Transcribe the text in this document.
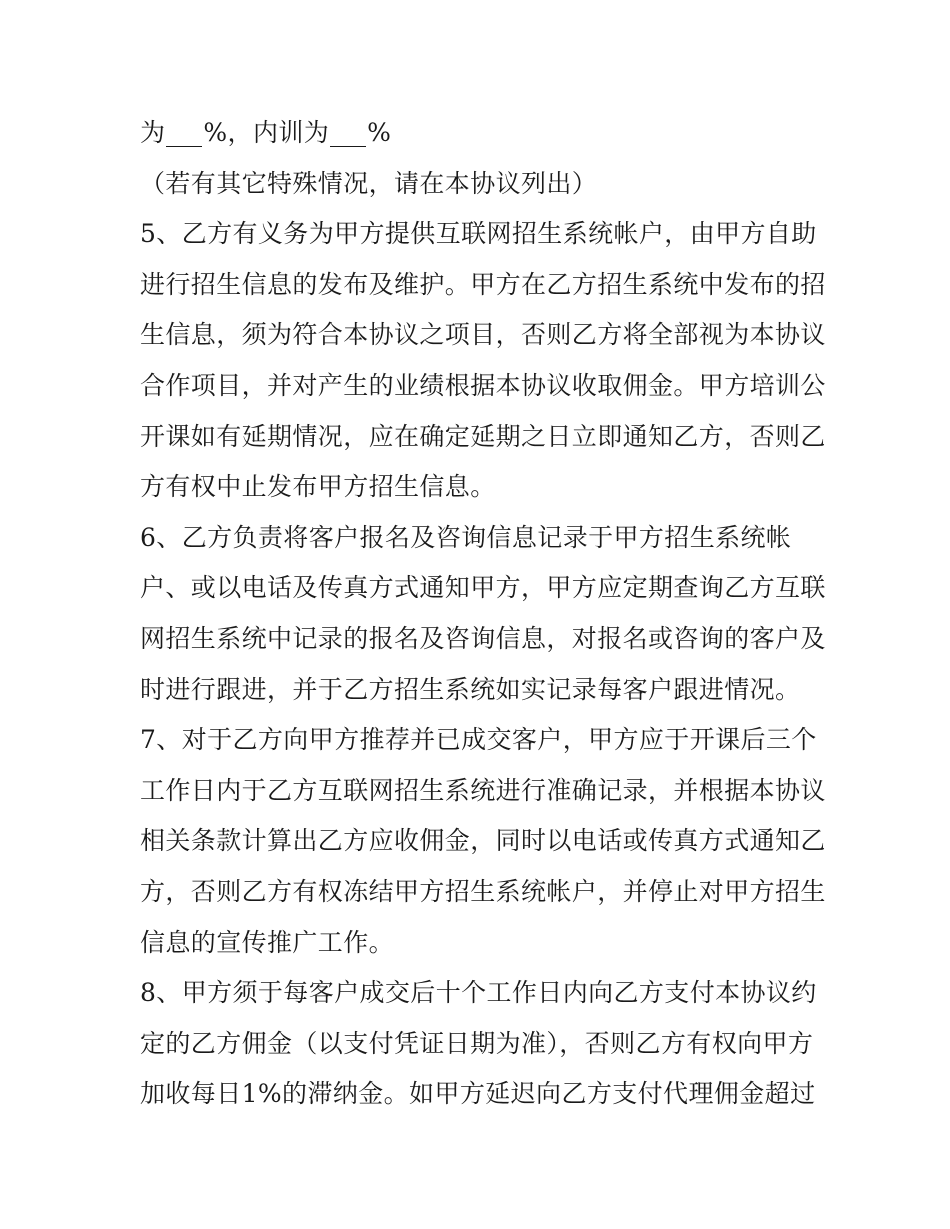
为 %，内训为 %
（若有其它特殊情况，请在本协议列出）
5、乙方有义务为甲方提供互联网招生系统帐户，由甲方自助
进行招生信息的发布及维护。甲方在乙方招生系统中发布的招
生信息，须为符合本协议之项目，否则乙方将全部视为本协议
合作项目，并对产生的业绩根据本协议收取佣金。甲方培训公
开课如有延期情况，应在确定延期之日立即通知乙方，否则乙
方有权中止发布甲方招生信息。
6、乙方负责将客户报名及咨询信息记录于甲方招生系统帐
户、或以电话及传真方式通知甲方，甲方应定期查询乙方互联
网招生系统中记录的报名及咨询信息，对报名或咨询的客户及
时进行跟进，并于乙方招生系统如实记录每客户跟进情况。
7、对于乙方向甲方推荐并已成交客户，甲方应于开课后三个
工作日内于乙方互联网招生系统进行准确记录，并根据本协议
相关条款计算出乙方应收佣金，同时以电话或传真方式通知乙
方，否则乙方有权冻结甲方招生系统帐户，并停止对甲方招生
信息的宣传推广工作。
8、甲方须于每客户成交后十个工作日内向乙方支付本协议约
定的乙方佣金（以支付凭证日期为准），否则乙方有权向甲方
加收每日1%的滞纳金。如甲方延迟向乙方支付代理佣金超过
